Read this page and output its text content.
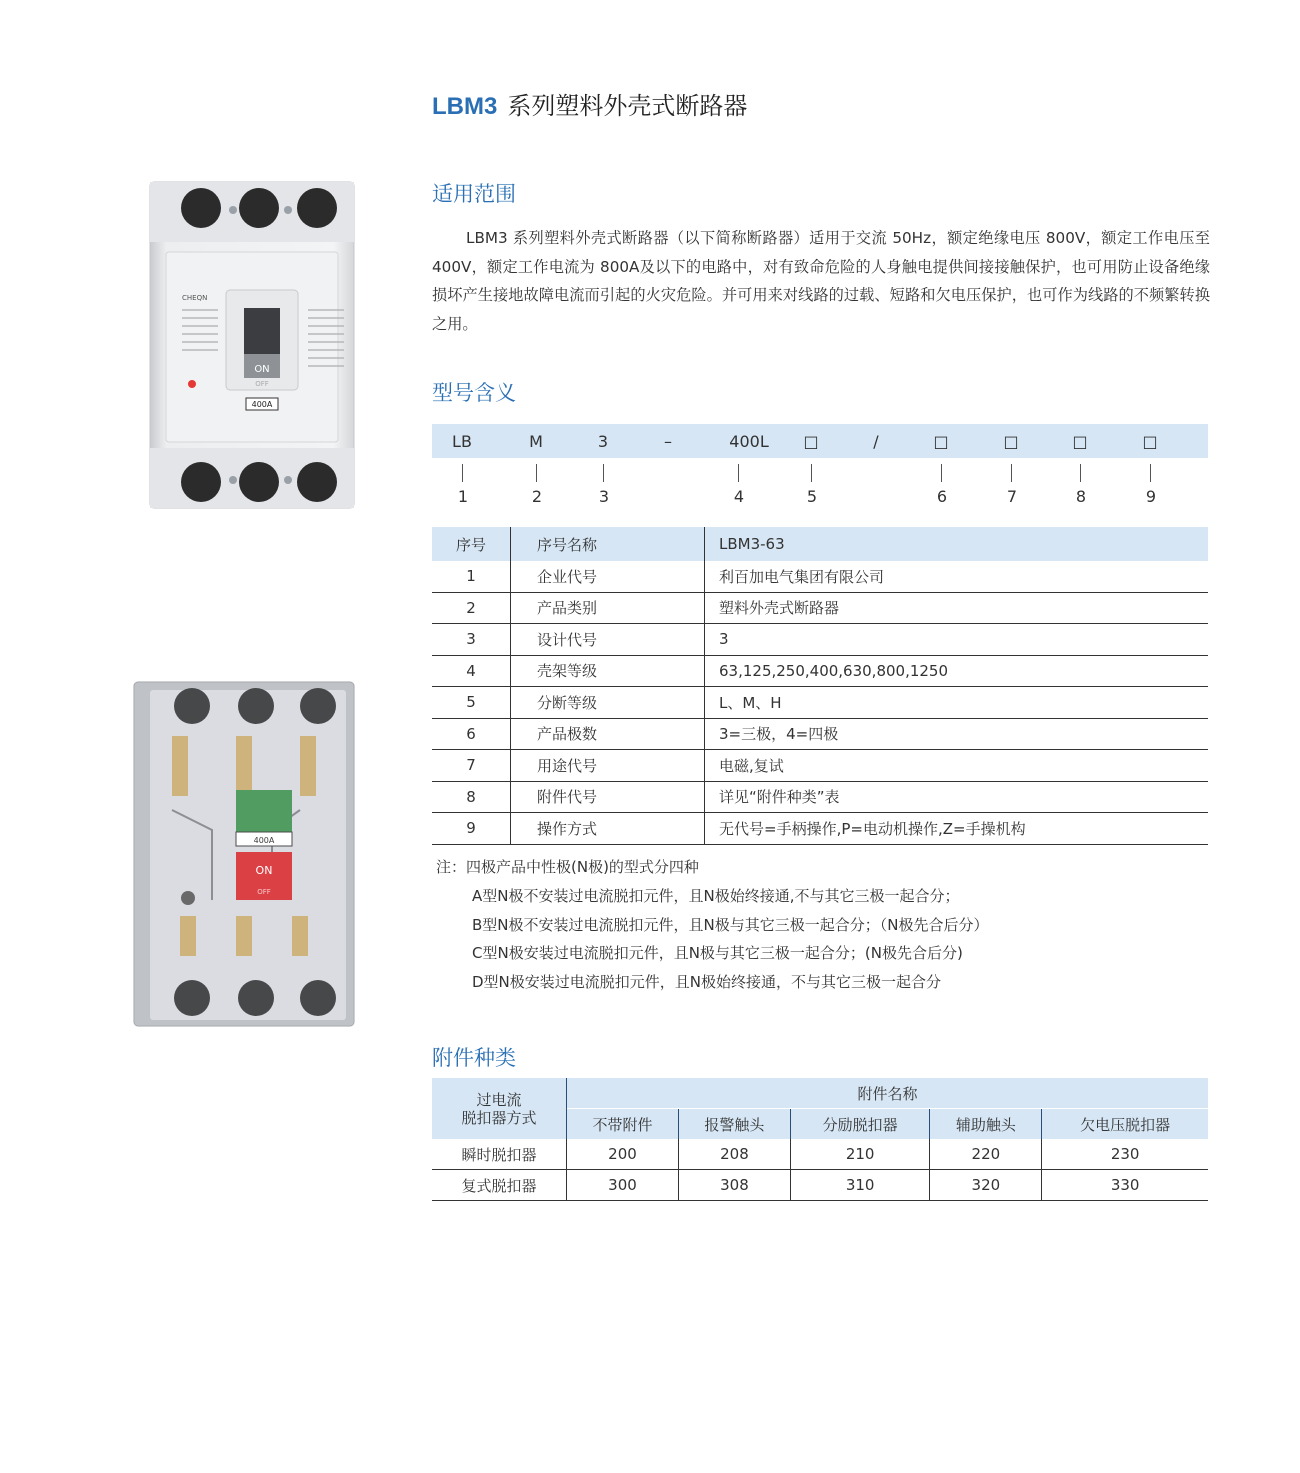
LBM3 系列塑料外壳式断路器
适用范围
LBM3 系列塑料外壳式断路器（以下简称断路器）适用于交流 50Hz，额定绝缘电压 800V，额定工作电压至 400V，额定工作电流为 800A及以下的电路中，对有致命危险的人身触电提供间接接触保护，也可用防止设备绝缘损坏产生接地故障电流而引起的火灾危险。并可用来对线路的过载、短路和欠电压保护，也可作为线路的不频繁转换之用。
型号含义
LB	M	3	–	400L □	/	□	□	□	□
1	2	3	4	5	6	7	8	9
序号	序号名称	LBM3-63
1	企业代号	利百加电气集团有限公司
2	产品类别	塑料外壳式断路器
3	设计代号	3
4	壳架等级	63,125,250,400,630,800,1250
5	分断等级	L、M、H
6	产品极数	3=三极，4=四极
7	用途代号	电磁,复试
8	附件代号	详见“附件种类”表
9	操作方式	无代号=手柄操作,P=电动机操作,Z=手操机构
注：四极产品中性极(N极)的型式分四种
A型N极不安装过电流脱扣元件，且N极始终接通,不与其它三极一起合分；
B型N极不安装过电流脱扣元件，且N极与其它三极一起合分；（N极先合后分）
C型N极安装过电流脱扣元件，且N极与其它三极一起合分；(N极先合后分)
D型N极安装过电流脱扣元件，且N极始终接通，不与其它三极一起合分
附件种类
过电流
脱扣器方式	附件名称				
	不带附件	报警触头	分励脱扣器	辅助触头	欠电压脱扣器
瞬时脱扣器	200	208	210	220	230
复式脱扣器	300	308	310	320	330
ON
OFF
400A
CHEQN
400A
ON
OFF
